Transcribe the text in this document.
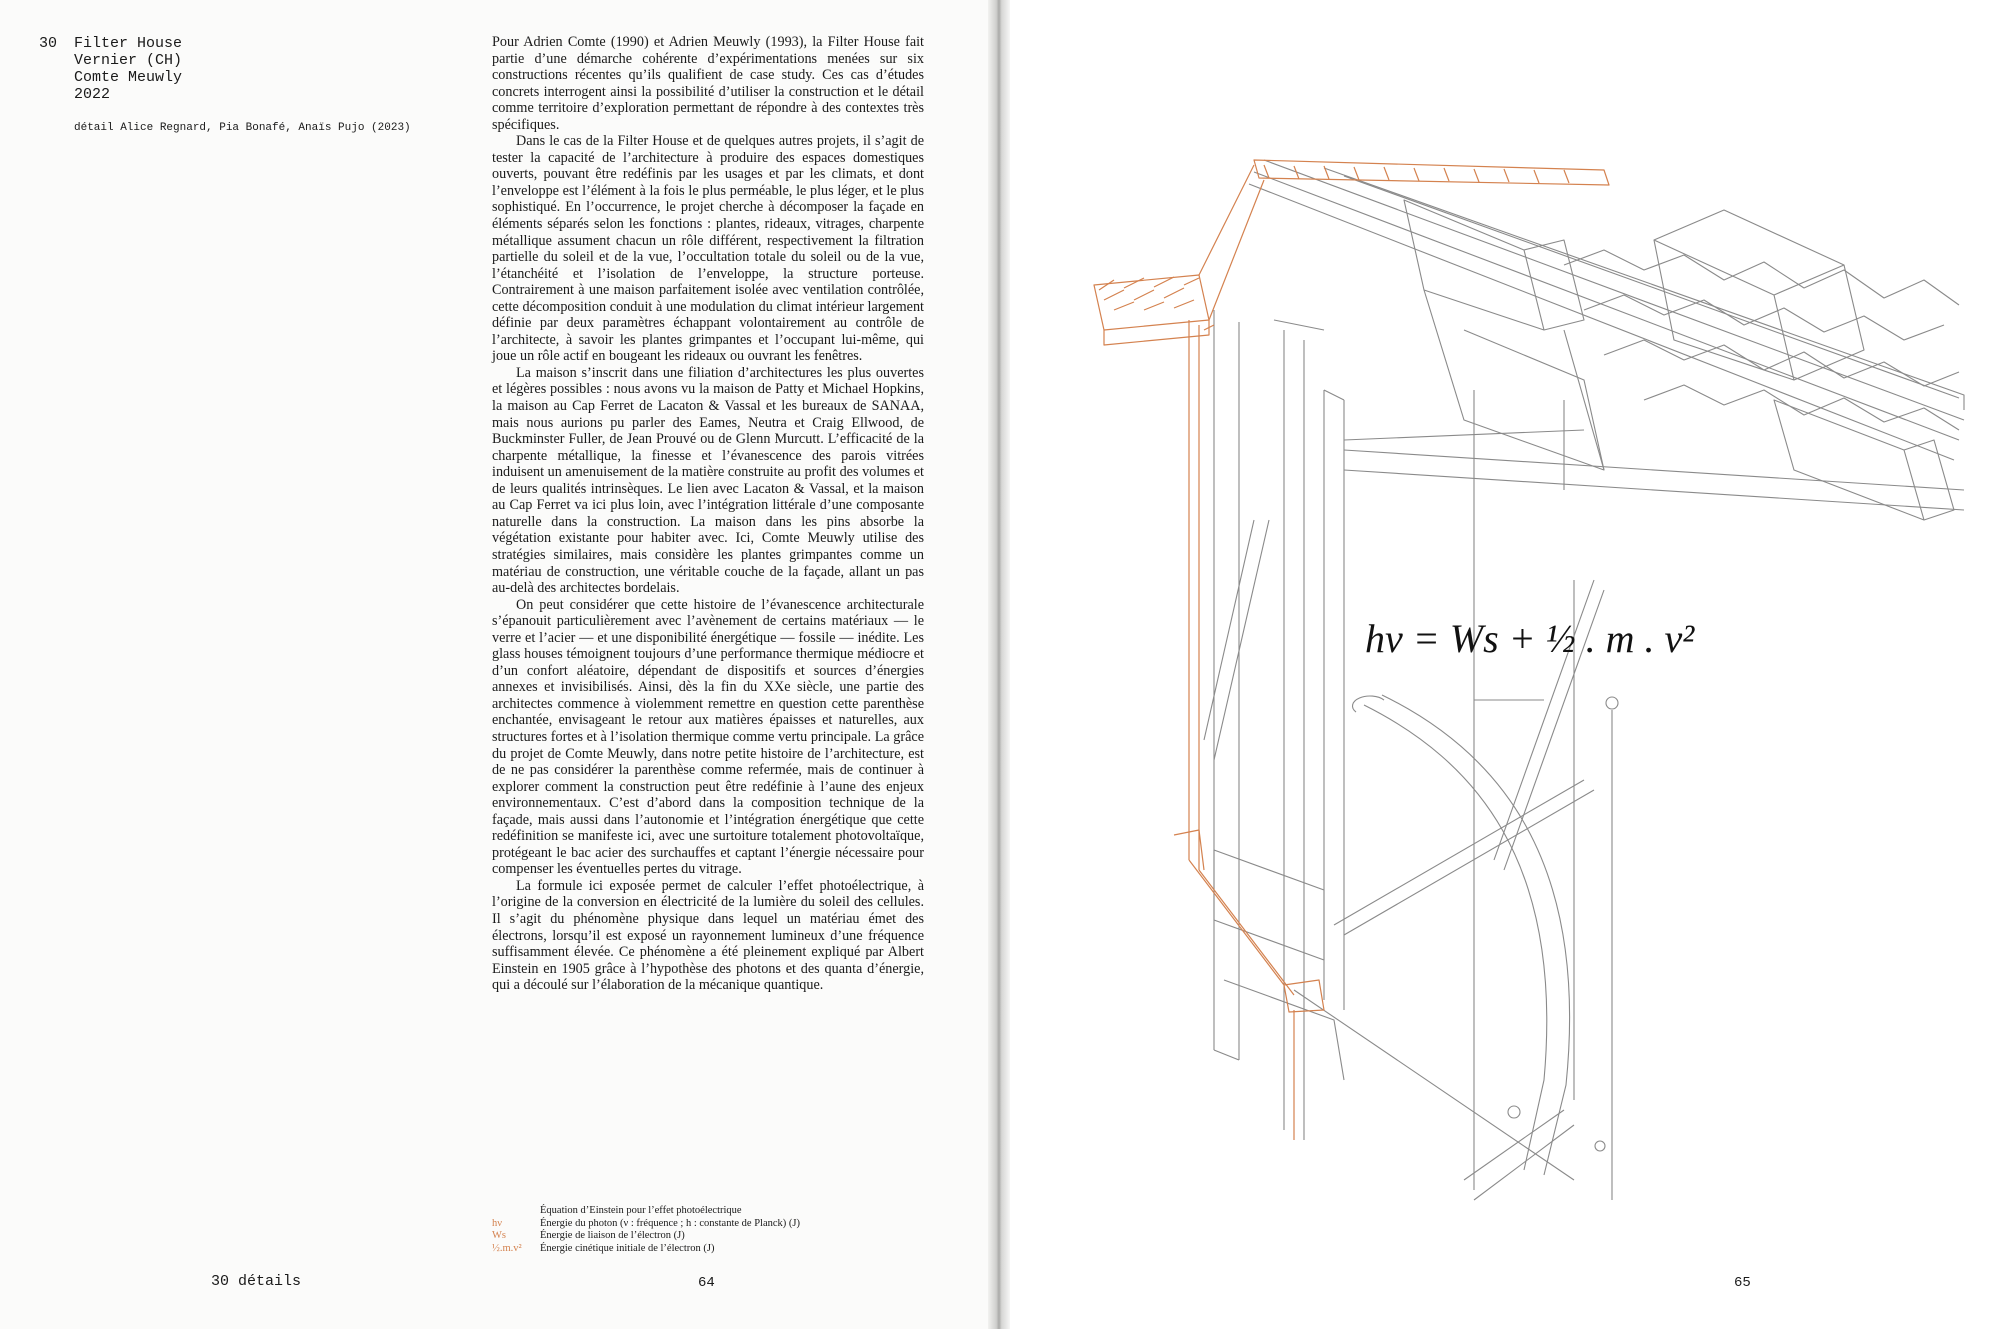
30 Filter House
Vernier (CH)
Comte Meuwly
2022
détail Alice Regnard, Pia Bonafé, Anaïs Pujo (2023)

Pour Adrien Comte (1990) et Adrien Meuwly (1993), la Filter House fait partie d’une démarche cohérente d’expérimentations menées sur six constructions récentes qu’ils qualifient de case study. Ces cas d’études concrets interrogent ainsi la possibilité d’utiliser la construction et le détail comme territoire d’exploration permettant de répondre à des contextes très spécifiques.

Dans le cas de la Filter House et de quelques autres projets, il s’agit de tester la capacité de l’architecture à produire des espaces domestiques ouverts, pouvant être redéfinis par les usages et par les climats, et dont l’enveloppe est l’élément à la fois le plus perméable, le plus léger, et le plus sophistiqué. En l’occurrence, le projet cherche à décomposer la façade en éléments séparés selon les fonctions : plantes, rideaux, vitrages, charpente métallique assument chacun un rôle différent, respectivement la filtration partielle du soleil et de la vue, l’occultation totale du soleil ou de la vue, l’étanchéité et l’isolation de l’enveloppe, la structure porteuse. Contrairement à une maison parfaitement isolée avec ventilation contrôlée, cette décomposition conduit à une modulation du climat intérieur largement définie par deux paramètres échappant volontairement au contrôle de l’architecte, à savoir les plantes grimpantes et l’occupant lui-même, qui joue un rôle actif en bougeant les rideaux ou ouvrant les fenêtres.

La maison s’inscrit dans une filiation d’architectures les plus ouvertes et légères possibles : nous avons vu la maison de Patty et Michael Hopkins, la maison au Cap Ferret de Lacaton & Vassal et les bureaux de SANAA, mais nous aurions pu parler des Eames, Neutra et Craig Ellwood, de Buckminster Fuller, de Jean Prouvé ou de Glenn Murcutt. L’efficacité de la charpente métallique, la finesse et l’évanescence des parois vitrées induisent un amenuisement de la matière construite au profit des volumes et de leurs qualités intrinsèques. Le lien avec Lacaton & Vassal, et la maison au Cap Ferret va ici plus loin, avec l’intégration littérale d’une composante naturelle dans la construction. La maison dans les pins absorbe la végétation existante pour habiter avec. Ici, Comte Meuwly utilise des stratégies similaires, mais considère les plantes grimpantes comme un matériau de construction, une véritable couche de la façade, allant un pas au-delà des architectes bordelais.

On peut considérer que cette histoire de l’évanescence architecturale s’épanouit particulièrement avec l’avènement de certains matériaux — le verre et l’acier — et une disponibilité énergétique — fossile — inédite. Les glass houses témoignent toujours d’une performance thermique médiocre et d’un confort aléatoire, dépendant de dispositifs et sources d’énergies annexes et invisibilisés. Ainsi, dès la fin du XXe siècle, une partie des architectes commence à violemment remettre en question cette parenthèse enchantée, envisageant le retour aux matières épaisses et naturelles, aux structures fortes et à l’isolation thermique comme vertu principale. La grâce du projet de Comte Meuwly, dans notre petite histoire de l’architecture, est de ne pas considérer la parenthèse comme refermée, mais de continuer à explorer comment la construction peut être redéfinie à l’aune des enjeux environnementaux. C’est d’abord dans la composition technique de la façade, mais aussi dans l’autonomie et l’intégration énergétique que cette redéfinition se manifeste ici, avec une surtoiture totalement photovoltaïque, protégeant le bac acier des surchauffes et captant l’énergie nécessaire pour compenser les éventuelles pertes du vitrage.

La formule ici exposée permet de calculer l’effet photoélectrique, à l’origine de la conversion en électricité de la lumière du soleil des cellules. Il s’agit du phénomène physique dans lequel un matériau émet des électrons, lorsqu’il est exposé un rayonnement lumineux d’une fréquence suffisamment élevée. Ce phénomène a été pleinement expliqué par Albert Einstein en 1905 grâce à l’hypothèse des photons et des quanta d’énergie, qui a découlé sur l’élaboration de la mécanique quantique.

Équation d’Einstein pour l’effet photoélectrique
hν	Énergie du photon (ν : fréquence ; h : constante de Planck) (J)
Ws	Énergie de liaison de l’électron (J)
½.m.v²	Énergie cinétique initiale de l’électron (J)
30 détails	64	65
hν = Ws + ½ . m . v²
